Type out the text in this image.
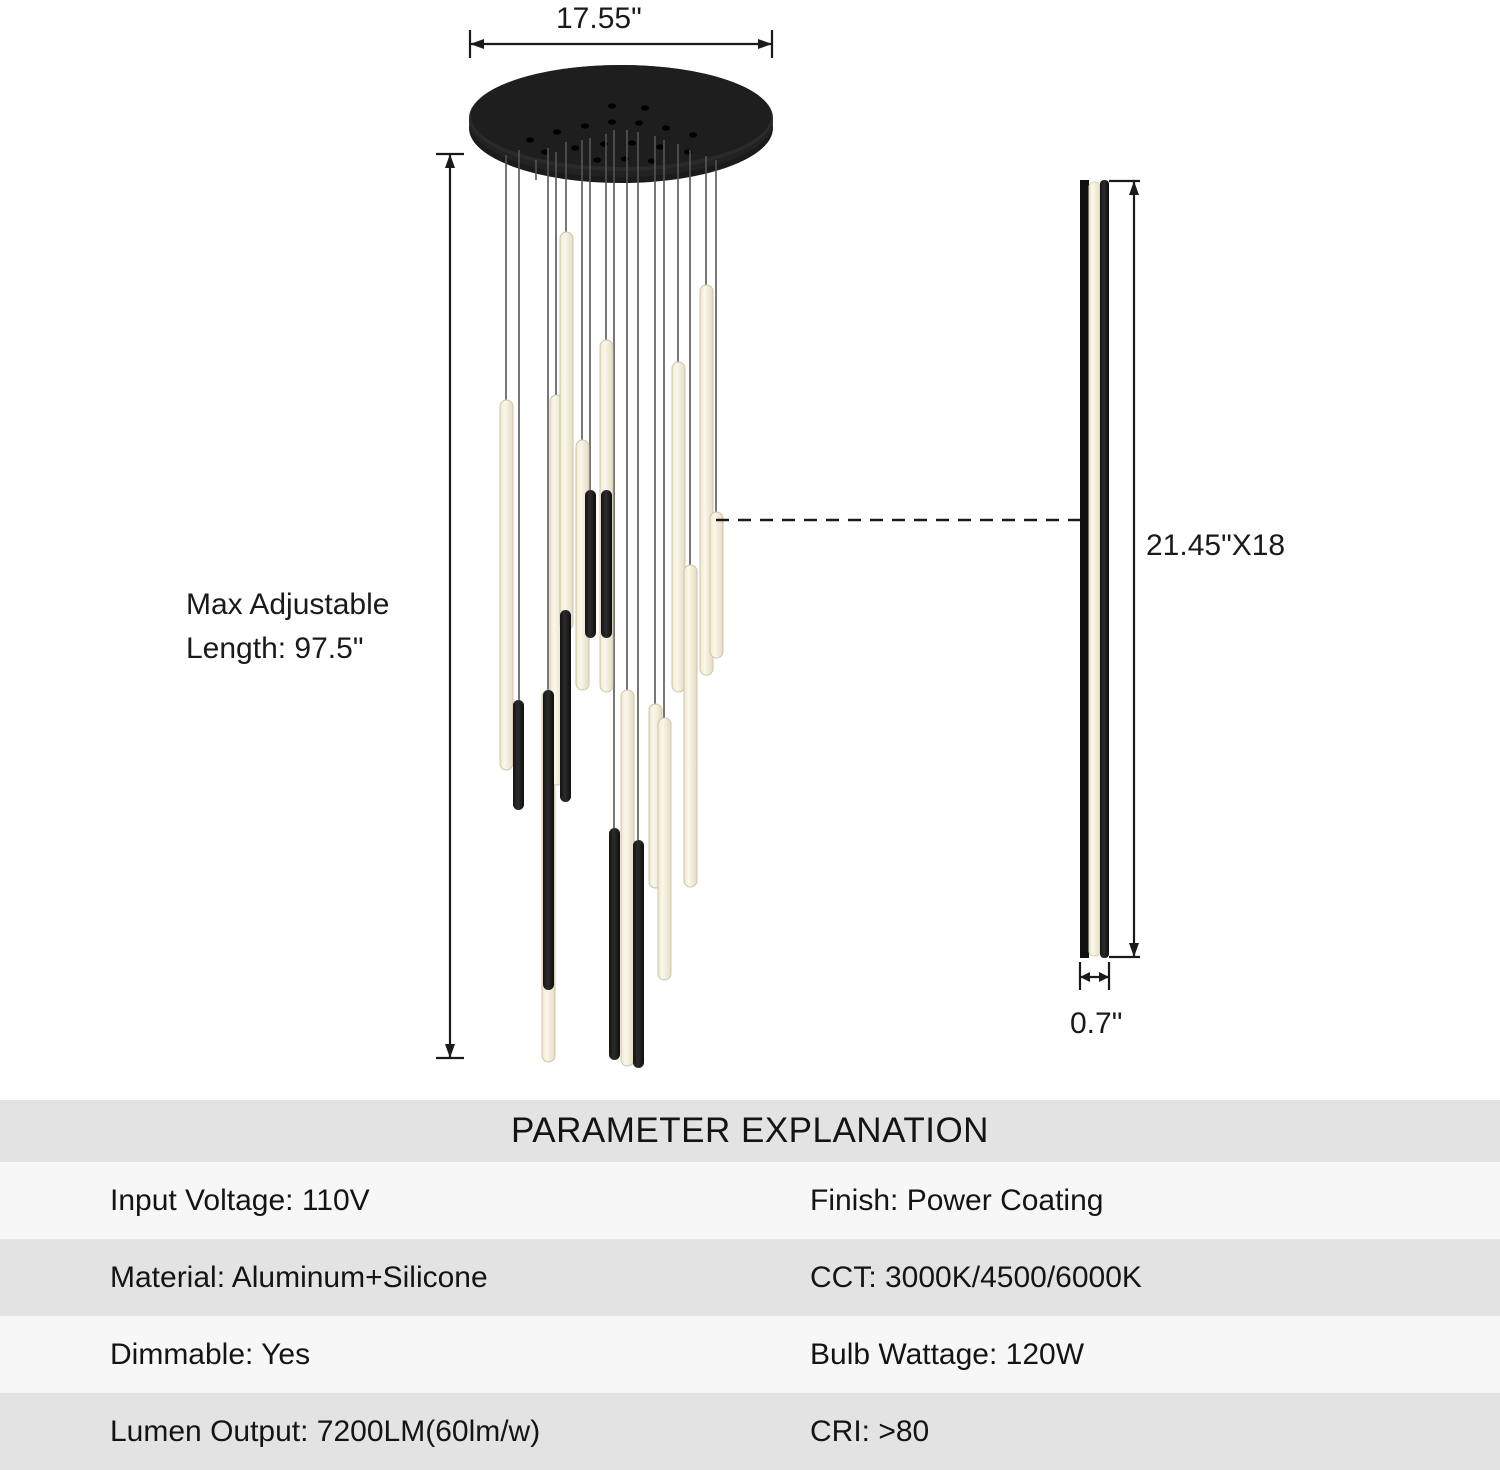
17.55"
21.45"X18
0.7"
Max Adjustable
Length: 97.5"
PARAMETER EXPLANATION
Input Voltage: 110V	Finish: Power Coating
Material: Aluminum+Silicone	CCT: 3000K/4500/6000K
Dimmable: Yes	Bulb Wattage: 120W
Lumen Output: 7200LM(60lm/w)	CRI: >80
